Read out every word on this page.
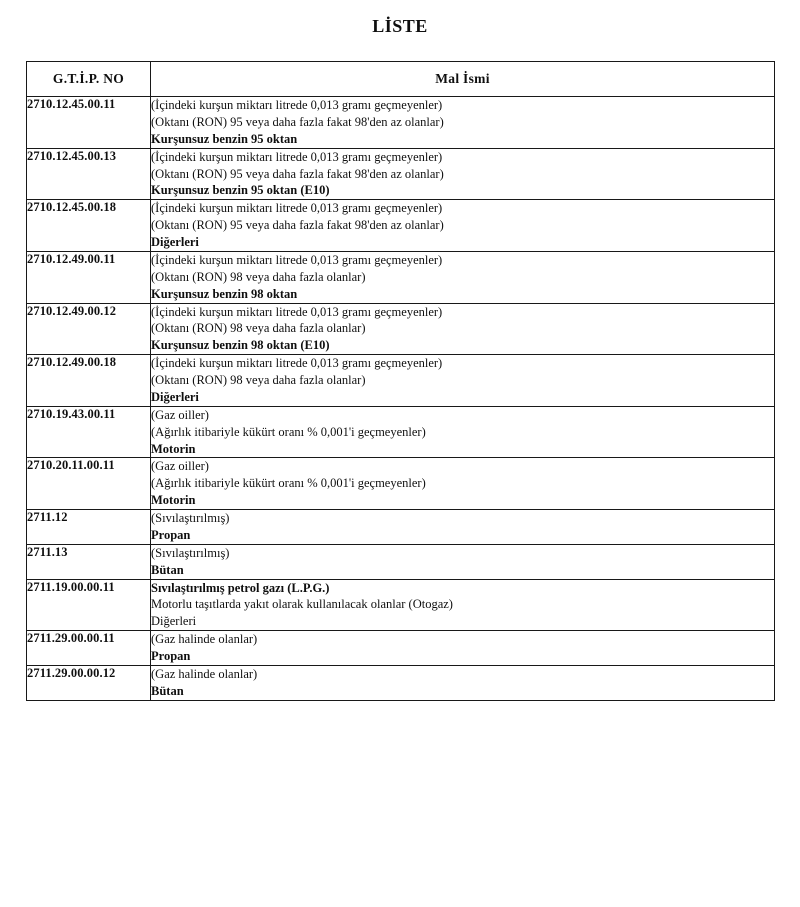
LİSTE
G.T.İ.P. NO	Mal İsmi
2710.12.45.00.11	(İçindeki kurşun miktarı litrede 0,013 gramı geçmeyenler)
(Oktanı (RON) 95 veya daha fazla fakat 98'den az olanlar)
Kurşunsuz benzin 95 oktan

2710.12.45.00.13	(İçindeki kurşun miktarı litrede 0,013 gramı geçmeyenler)
(Oktanı (RON) 95 veya daha fazla fakat 98'den az olanlar)
Kurşunsuz benzin 95 oktan (E10)

2710.12.45.00.18	(İçindeki kurşun miktarı litrede 0,013 gramı geçmeyenler)
(Oktanı (RON) 95 veya daha fazla fakat 98'den az olanlar)
Diğerleri

2710.12.49.00.11	(İçindeki kurşun miktarı litrede 0,013 gramı geçmeyenler)
(Oktanı (RON) 98 veya daha fazla olanlar)
Kurşunsuz benzin 98 oktan

2710.12.49.00.12	(İçindeki kurşun miktarı litrede 0,013 gramı geçmeyenler)
(Oktanı (RON) 98 veya daha fazla olanlar)
Kurşunsuz benzin 98 oktan (E10)

2710.12.49.00.18	(İçindeki kurşun miktarı litrede 0,013 gramı geçmeyenler)
(Oktanı (RON) 98 veya daha fazla olanlar)
Diğerleri

2710.19.43.00.11	(Gaz oiller)
(Ağırlık itibariyle kükürt oranı % 0,001'i geçmeyenler)
Motorin

2710.20.11.00.11	(Gaz oiller)
(Ağırlık itibariyle kükürt oranı % 0,001'i geçmeyenler)
Motorin

2711.12	(Sıvılaştırılmış)
Propan

2711.13	(Sıvılaştırılmış)
Bütan

2711.19.00.00.11	Sıvılaştırılmış petrol gazı (L.P.G.)
Motorlu taşıtlarda yakıt olarak kullanılacak olanlar (Otogaz)
Diğerleri

2711.29.00.00.11	(Gaz halinde olanlar)
Propan

2711.29.00.00.12	(Gaz halinde olanlar)
Bütan
